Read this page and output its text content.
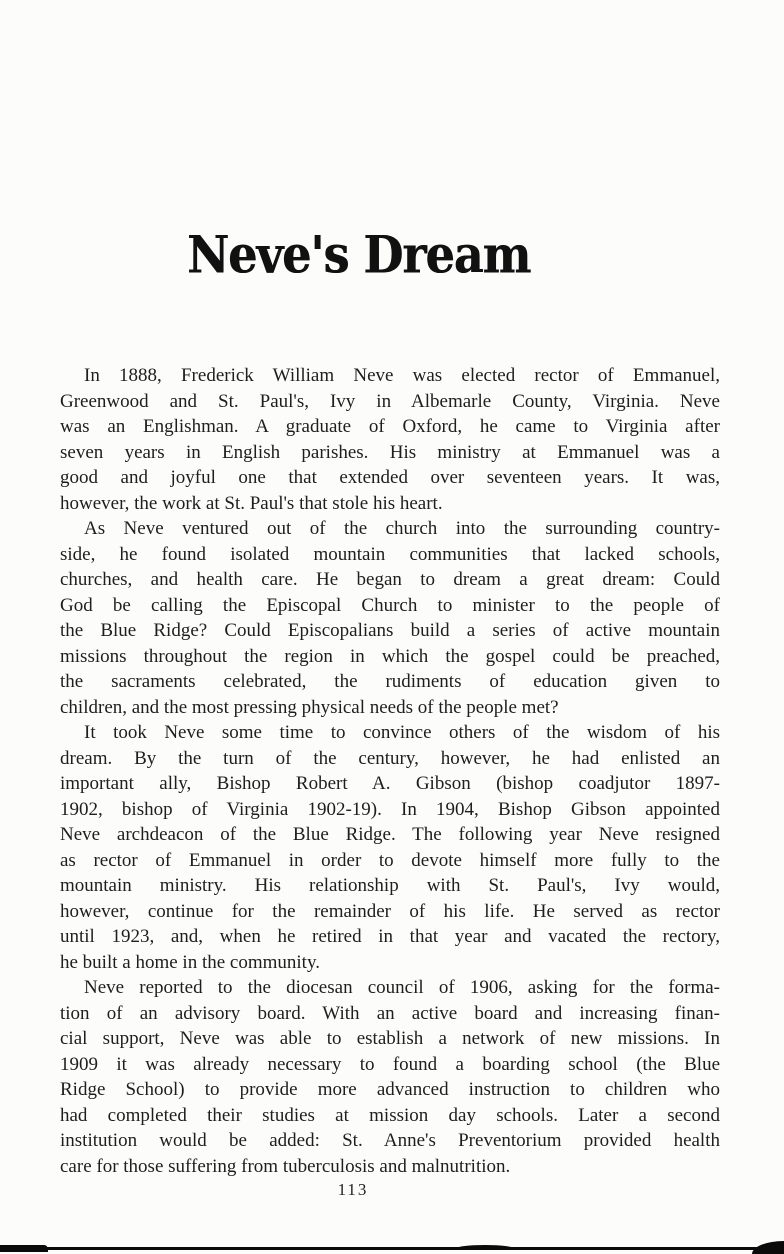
Neve's Dream
In 1888, Frederick William Neve was elected rector of Emmanuel,
Greenwood and St. Paul's, Ivy in Albemarle County, Virginia. Neve
was an Englishman. A graduate of Oxford, he came to Virginia after
seven years in English parishes. His ministry at Emmanuel was a
good and joyful one that extended over seventeen years. It was,
however, the work at St. Paul's that stole his heart.
As Neve ventured out of the church into the surrounding country-
side, he found isolated mountain communities that lacked schools,
churches, and health care. He began to dream a great dream: Could
God be calling the Episcopal Church to minister to the people of
the Blue Ridge? Could Episcopalians build a series of active mountain
missions throughout the region in which the gospel could be preached,
the sacraments celebrated, the rudiments of education given to
children, and the most pressing physical needs of the people met?
It took Neve some time to convince others of the wisdom of his
dream. By the turn of the century, however, he had enlisted an
important ally, Bishop Robert A. Gibson (bishop coadjutor 1897-
1902, bishop of Virginia 1902-19). In 1904, Bishop Gibson appointed
Neve archdeacon of the Blue Ridge. The following year Neve resigned
as rector of Emmanuel in order to devote himself more fully to the
mountain ministry. His relationship with St. Paul's, Ivy would,
however, continue for the remainder of his life. He served as rector
until 1923, and, when he retired in that year and vacated the rectory,
he built a home in the community.
Neve reported to the diocesan council of 1906, asking for the forma-
tion of an advisory board. With an active board and increasing finan-
cial support, Neve was able to establish a network of new missions. In
1909 it was already necessary to found a boarding school (the Blue
Ridge School) to provide more advanced instruction to children who
had completed their studies at mission day schools. Later a second
institution would be added: St. Anne's Preventorium provided health
care for those suffering from tuberculosis and malnutrition.
113
